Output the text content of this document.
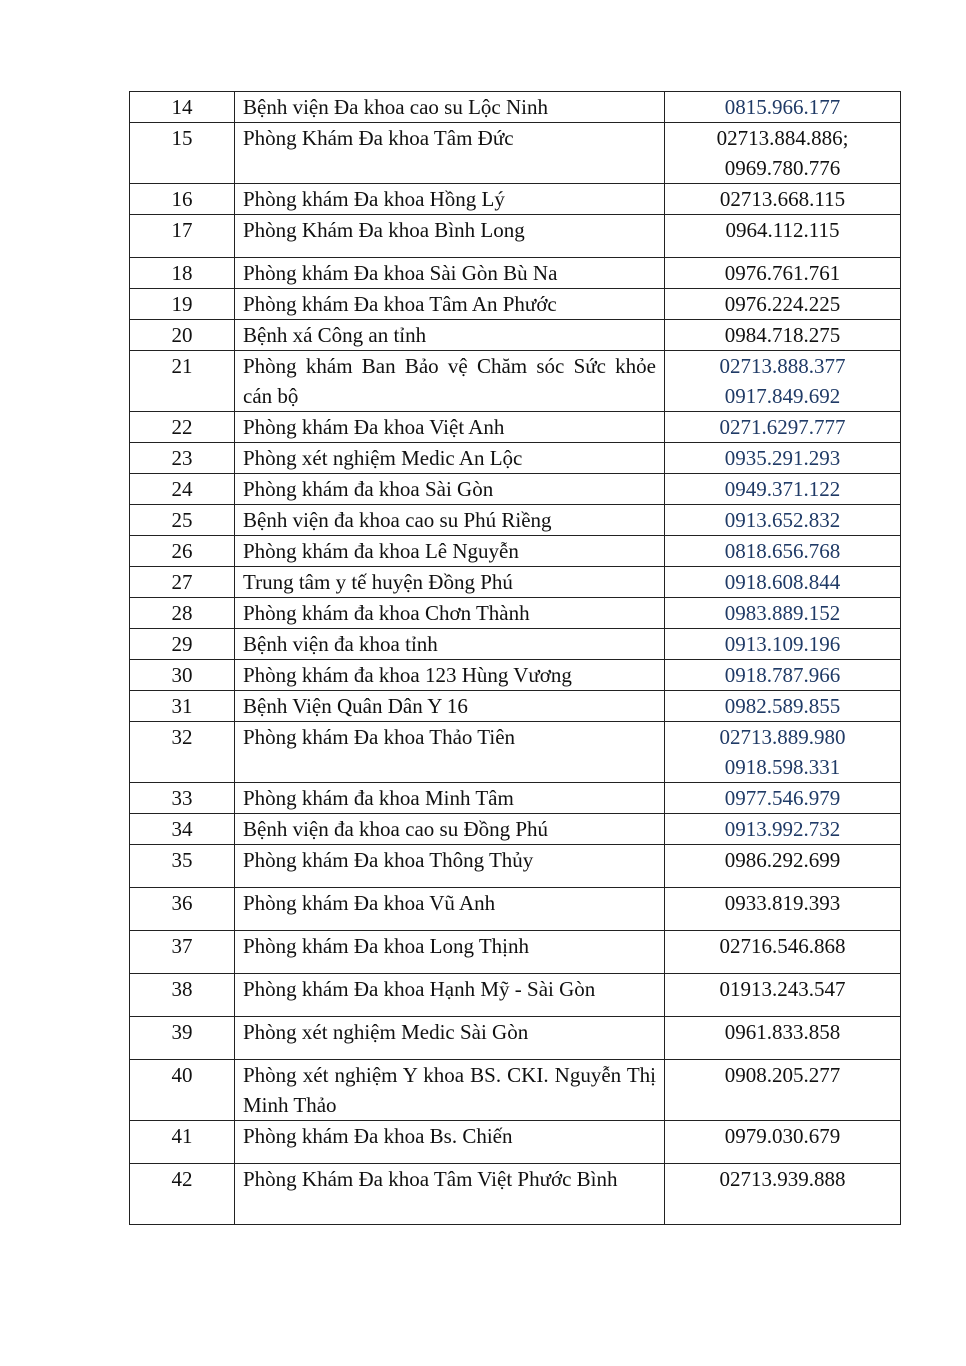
14	Bệnh viện Đa khoa cao su Lộc Ninh	0815.966.177
15	Phòng Khám Đa khoa Tâm Đức	02713.884.886;
0969.780.776
16	Phòng khám Đa khoa Hồng Lý	02713.668.115
17	Phòng Khám Đa khoa Bình Long	0964.112.115
18	Phòng khám Đa khoa Sài Gòn Bù Na	0976.761.761
19	Phòng khám Đa khoa Tâm An Phước	0976.224.225
20	Bệnh xá Công an tỉnh	0984.718.275
21	Phòng khám Ban Bảo vệ Chăm sóc Sức khỏe cán bộ	02713.888.377
0917.849.692
22	Phòng khám Đa khoa Việt Anh	0271.6297.777
23	Phòng xét nghiệm Medic An Lộc	0935.291.293
24	Phòng khám đa khoa Sài Gòn	0949.371.122
25	Bệnh viện đa khoa cao su Phú Riềng	0913.652.832
26	Phòng khám đa khoa Lê Nguyễn	0818.656.768
27	Trung tâm y tế huyện Đồng Phú	0918.608.844
28	Phòng khám đa khoa Chơn Thành	0983.889.152
29	Bệnh viện đa khoa tỉnh	0913.109.196
30	Phòng khám đa khoa 123 Hùng Vương	0918.787.966
31	Bệnh Viện Quân Dân Y 16	0982.589.855
32	Phòng khám Đa khoa Thảo Tiên	02713.889.980
0918.598.331
33	Phòng khám đa khoa Minh Tâm	0977.546.979
34	Bệnh viện đa khoa cao su Đồng Phú	0913.992.732
35	Phòng khám Đa khoa Thông Thủy	0986.292.699
36	Phòng khám Đa khoa Vũ Anh	0933.819.393
37	Phòng khám Đa khoa Long Thịnh	02716.546.868
38	Phòng khám Đa khoa Hạnh Mỹ - Sài Gòn	01913.243.547
39	Phòng xét nghiệm Medic Sài Gòn	0961.833.858
40	Phòng xét nghiệm Y khoa BS. CKI. Nguyễn Thị Minh Thảo	0908.205.277
41	Phòng khám Đa khoa Bs. Chiến	0979.030.679
42	Phòng Khám Đa khoa Tâm Việt Phước Bình	02713.939.888
